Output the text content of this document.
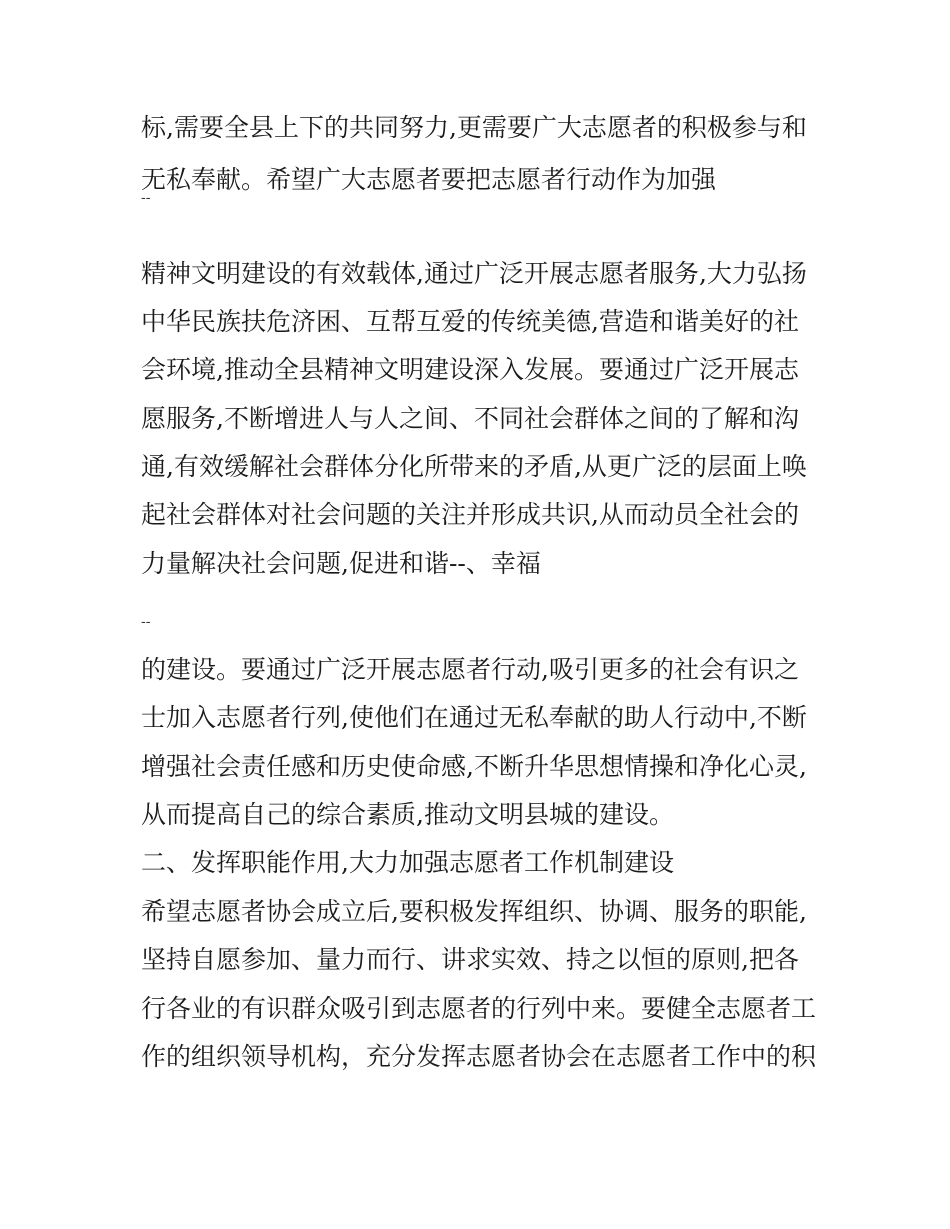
标,需要全县上下的共同努力,更需要广大志愿者的积极参与和
无私奉献。希望广大志愿者要把志愿者行动作为加强
--
精神文明建设的有效载体,通过广泛开展志愿者服务,大力弘扬
中华民族扶危济困、互帮互爱的传统美德,营造和谐美好的社
会环境,推动全县精神文明建设深入发展。要通过广泛开展志
愿服务,不断增进人与人之间、不同社会群体之间的了解和沟
通,有效缓解社会群体分化所带来的矛盾,从更广泛的层面上唤
起社会群体对社会问题的关注并形成共识,从而动员全社会的
力量解决社会问题,促进和谐--、幸福
--
的建设。要通过广泛开展志愿者行动,吸引更多的社会有识之
士加入志愿者行列,使他们在通过无私奉献的助人行动中,不断
增强社会责任感和历史使命感,不断升华思想情操和净化心灵,
从而提高自己的综合素质,推动文明县城的建设。
二、发挥职能作用,大力加强志愿者工作机制建设
希望志愿者协会成立后,要积极发挥组织、协调、服务的职能,
坚持自愿参加、量力而行、讲求实效、持之以恒的原则,把各
行各业的有识群众吸引到志愿者的行列中来。要健全志愿者工
作的组织领导机构，充分发挥志愿者协会在志愿者工作中的积
